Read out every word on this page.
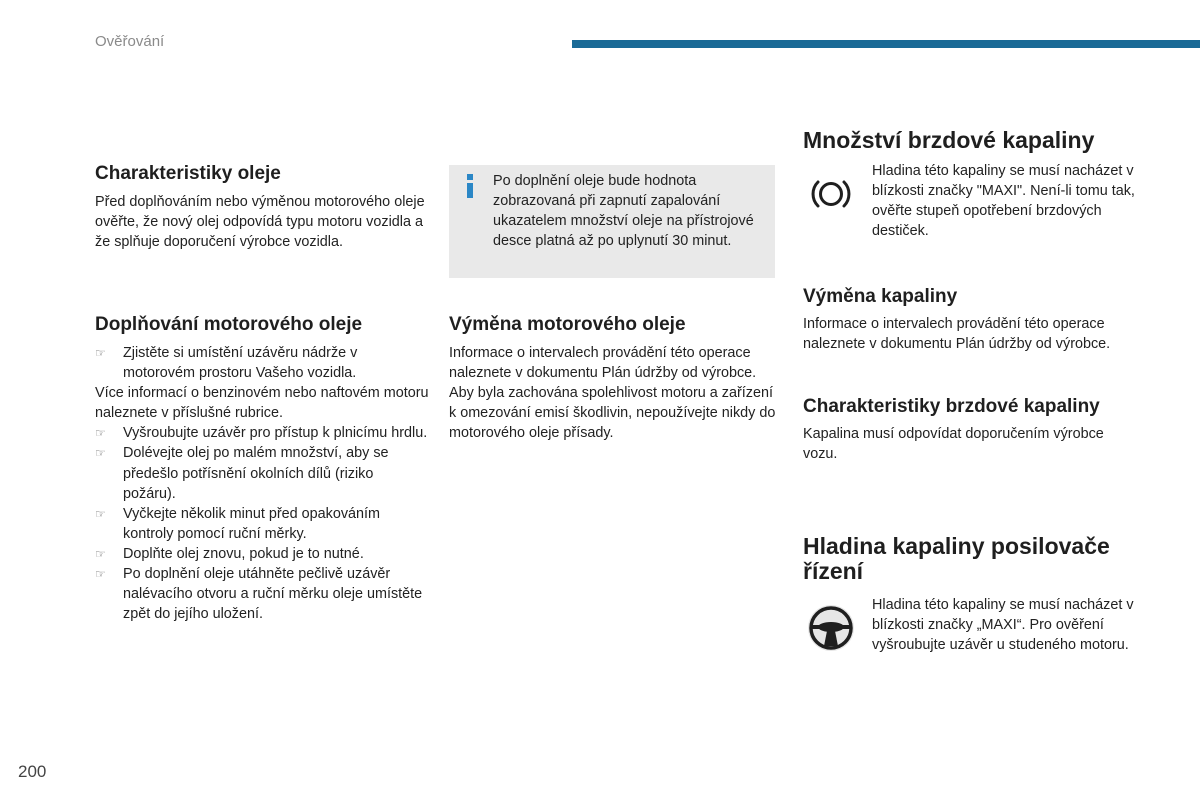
Ověřování
Charakteristiky oleje

Před doplňováním nebo výměnou motorového oleje ověřte, že nový olej odpovídá typu motoru vozidla a že splňuje doporučení výrobce vozidla.

Doplňování motorového oleje
☞ Zjistěte si umístění uzávěru nádrže v motorovém prostoru Vašeho vozidla.

Více informací o benzinovém nebo naftovém motoru naleznete v příslušné rubrice.

☞ Vyšroubujte uzávěr pro přístup k plnicímu hrdlu.
☞ Dolévejte olej po malém množství, aby se předešlo potřísnění okolních dílů (riziko požáru).
☞ Vyčkejte několik minut před opakováním kontroly pomocí ruční měrky.
☞ Doplňte olej znovu, pokud je to nutné.
☞ Po doplnění oleje utáhněte pečlivě uzávěr nalévacího otvoru a ruční měrku oleje umístěte zpět do jejího uložení.
Po doplnění oleje bude hodnota zobrazovaná při zapnutí zapalování ukazatelem množství oleje na přístrojové desce platná až po uplynutí 30 minut.
Výměna motorového oleje

Informace o intervalech provádění této operace naleznete v dokumentu Plán údržby od výrobce.

Aby byla zachována spolehlivost motoru a zařízení k omezování emisí škodlivin, nepoužívejte nikdy do motorového oleje přísady.

Množství brzdové kapaliny
Hladina této kapaliny se musí nacházet v blízkosti značky "MAXI". Není-li tomu tak, ověřte stupeň opotřebení brzdových destiček.
Výměna kapaliny

Informace o intervalech provádění této operace naleznete v dokumentu Plán údržby od výrobce.

Charakteristiky brzdové kapaliny

Kapalina musí odpovídat doporučením výrobce vozu.

Hladina kapaliny posilovače řízení
Hladina této kapaliny se musí nacházet v blízkosti značky „MAXI“. Pro ověření vyšroubujte uzávěr u studeného motoru.
200
